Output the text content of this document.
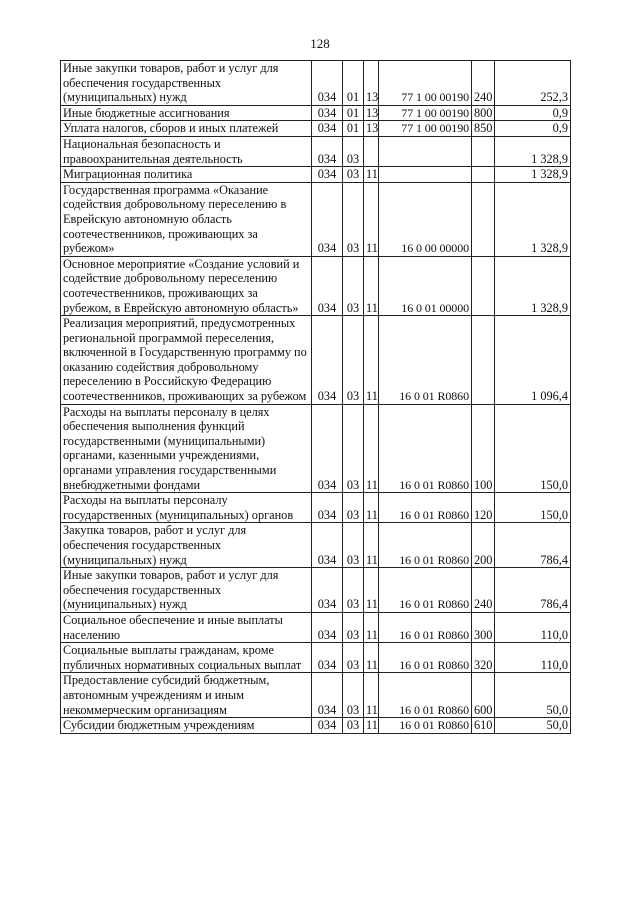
128
Иные закупки товаров, работ и услуг для обеспечения государственных (муниципальных) нужд	034	01	13	77 1 00 00190	240	252,3
Иные бюджетные ассигнования	034	01	13	77 1 00 00190	800	0,9
Уплата налогов, сборов и иных платежей	034	01	13	77 1 00 00190	850	0,9
Национальная безопасность и правоохранительная деятельность	034	03				1 328,9
Миграционная политика	034	03	11			1 328,9
Государственная программа «Оказание содействия добровольному переселению в Еврейскую автономную область соотечественников, проживающих за рубежом»	034	03	11	16 0 00 00000		1 328,9
Основное мероприятие «Создание условий и содействие добровольному переселению соотечественников, проживающих за рубежом, в Еврейскую автономную область»	034	03	11	16 0 01 00000		1 328,9
Реализация мероприятий, предусмотренных региональной программой переселения, включенной в Государственную программу по оказанию содействия добровольному переселению в Российскую Федерацию соотечественников, проживающих за рубежом	034	03	11	16 0 01 R0860		1 096,4
Расходы на выплаты персоналу в целях обеспечения выполнения функций государственными (муниципальными) органами, казенными учреждениями, органами управления государственными внебюджетными фондами	034	03	11	16 0 01 R0860	100	150,0
Расходы на выплаты персоналу государственных (муниципальных) органов	034	03	11	16 0 01 R0860	120	150,0
Закупка товаров, работ и услуг для обеспечения государственных (муниципальных) нужд	034	03	11	16 0 01 R0860	200	786,4
Иные закупки товаров, работ и услуг для обеспечения государственных (муниципальных) нужд	034	03	11	16 0 01 R0860	240	786,4
Социальное обеспечение и иные выплаты населению	034	03	11	16 0 01 R0860	300	110,0
Социальные выплаты гражданам, кроме публичных нормативных социальных выплат	034	03	11	16 0 01 R0860	320	110,0
Предоставление субсидий бюджетным, автономным учреждениям и иным некоммерческим организациям	034	03	11	16 0 01 R0860	600	50,0
Субсидии бюджетным учреждениям	034	03	11	16 0 01 R0860	610	50,0
